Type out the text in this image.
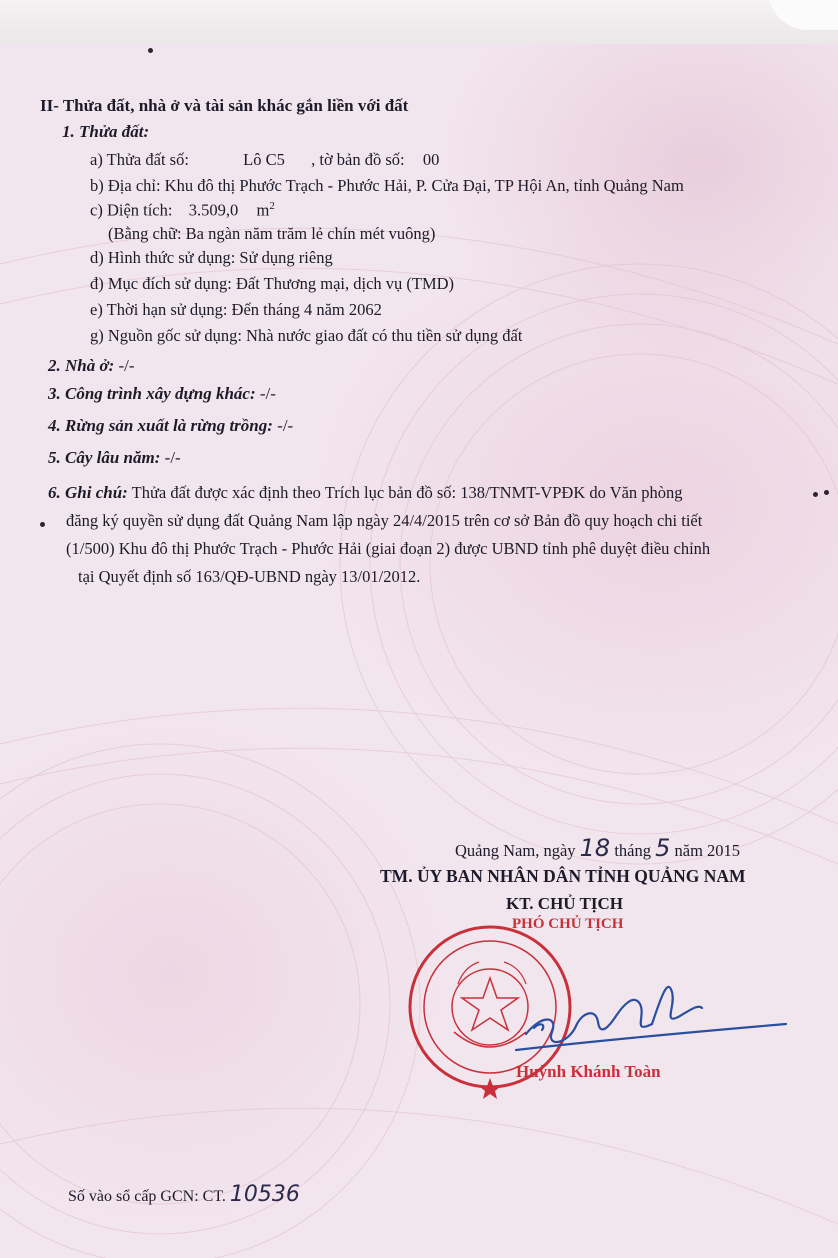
II- Thửa đất, nhà ở và tài sản khác gắn liền với đất
1. Thửa đất:
a) Thửa đất số:	Lô C5 , tờ bản đồ số: 00
b) Địa chỉ: Khu đô thị Phước Trạch - Phước Hải, P. Cửa Đại, TP Hội An, tỉnh Quảng Nam
c) Diện tích: 3.509,0 $m^2$
(Bằng chữ: Ba ngàn năm trăm lẻ chín mét vuông)
d) Hình thức sử dụng: Sử dụng riêng
đ) Mục đích sử dụng: Đất Thương mại, dịch vụ (TMD)
e) Thời hạn sử dụng: Đến tháng 4 năm 2062
g) Nguồn gốc sử dụng: Nhà nước giao đất có thu tiền sử dụng đất
2. Nhà ở: -/-
3. Công trình xây dựng khác: -/-
4. Rừng sản xuất là rừng trồng: -/-
5. Cây lâu năm: -/-
6. Ghi chú: Thửa đất được xác định theo Trích lục bản đồ số: 138/TNMT-VPĐK do Văn phòng
đăng ký quyền sử dụng đất Quảng Nam lập ngày 24/4/2015 trên cơ sở Bản đồ quy hoạch chi tiết
(1/500) Khu đô thị Phước Trạch - Phước Hải (giai đoạn 2) được UBND tỉnh phê duyệt điều chỉnh
tại Quyết định số 163/QĐ-UBND ngày 13/01/2012.
Quảng Nam, ngày 18 tháng 5 năm 2015
TM. ỦY BAN NHÂN DÂN TỈNH QUẢNG NAM
KT. CHỦ TỊCH
PHÓ CHỦ TỊCH
Huỳnh Khánh Toàn
Số vào sổ cấp GCN: CT. 10536
